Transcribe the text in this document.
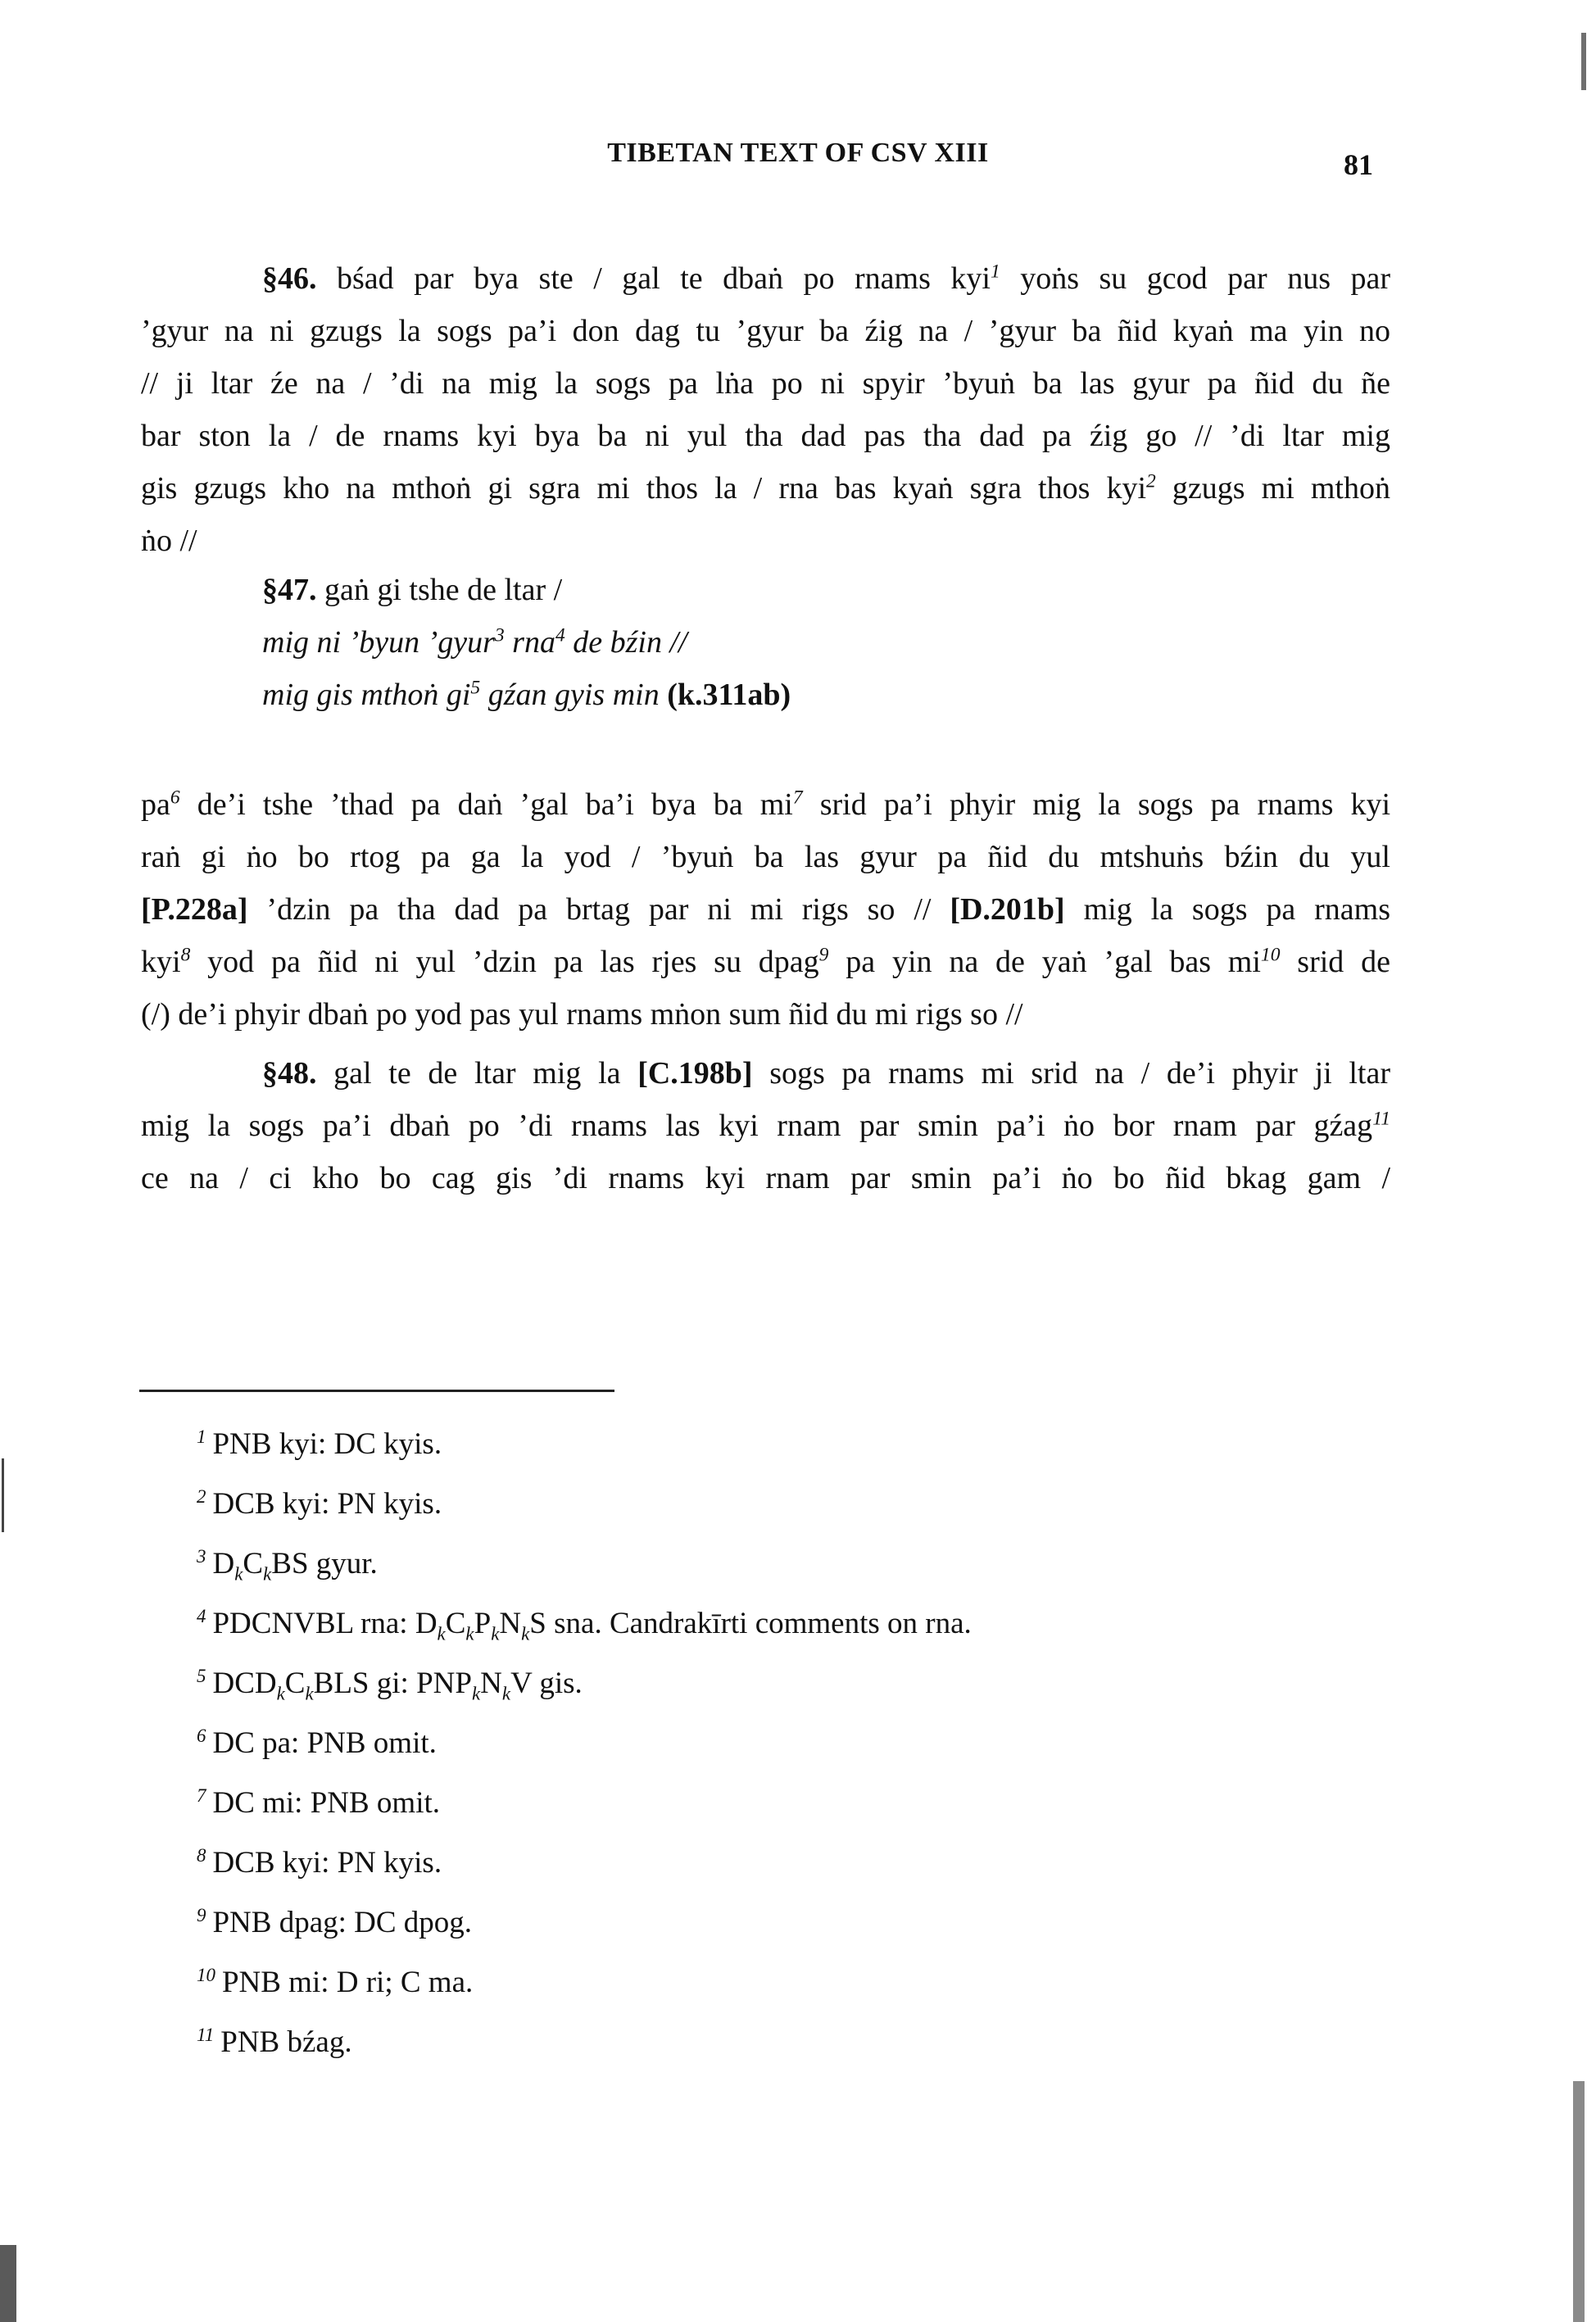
TIBETAN TEXT OF CSV XIII	81
§46. bśad par bya ste / gal te dbaṅ po rnams kyi$^1$ yoṅs su gcod par nus par
’gyur na ni gzugs la sogs pa’i don dag tu ’gyur ba źig na / ’gyur ba ñid kyaṅ ma yin no
// ji ltar źe na / ’di na mig la sogs pa lṅa po ni spyir ’byuṅ ba las gyur pa ñid du ñe
bar ston la / de rnams kyi bya ba ni yul tha dad pas tha dad pa źig go // ’di ltar mig
gis gzugs kho na mthoṅ gi sgra mi thos la / rna bas kyaṅ sgra thos kyi$^2$ gzugs mi mthoṅ
ṅo //
§47. gaṅ gi tshe de ltar /
mig ni ’byun ’gyur$^3$ rna$^4$ de bźin //
mig gis mthoṅ $gi^5$ gźan gyis min (k.311ab)
$pa^6$ de’i tshe ’thad pa daṅ ’gal ba’i bya ba $mi^7$ srid pa’i phyir mig la sogs pa rnams kyi
raṅ gi ṅo bo rtog pa ga la yod / ’byuṅ ba las gyur pa ñid du mtshuṅs bźin du yul
[P.228a] ’dzin pa tha dad pa brtag par ni mi rigs so // [D.201b] mig la sogs pa rnams
kyi$^8$ yod pa ñid ni yul ’dzin pa las rjes su dpag$^9$ pa yin na de yaṅ ’gal bas $mi^{10}$ srid de
(/) de’i phyir dbaṅ po yod pas yul rnams mṅon sum ñid du mi rigs so //
§48. gal te de ltar mig la [C.198b] sogs pa rnams mi srid na / de’i phyir ji ltar
mig la sogs pa’i dbaṅ po ’di rnams las kyi rnam par smin pa’i ṅo bor rnam par gźag$^{11}$
ce na / ci kho bo cag gis ’di rnams kyi rnam par smin pa’i ṅo bo ñid bkag gam /
$^1$ PNB kyi: DC kyis.
$^2$ DCB kyi: PN kyis.
$^3$ $D_kC_kBS$ gyur.
$^4$ PDCNVBL rna: $D_kC_kP_kN_kS$ sna. Candrakīrti comments on rna.
$^5$ $DCD_kC_kBLS$ gi: $PNP_kN_kV$ gis.
$^6$ DC pa: PNB omit.
$^7$ DC mi: PNB omit.
$^8$ DCB kyi: PN kyis.
$^9$ PNB dpag: DC dpog.
$^{10}$ PNB mi: D ri; C ma.
$^{11}$ PNB bźag.
